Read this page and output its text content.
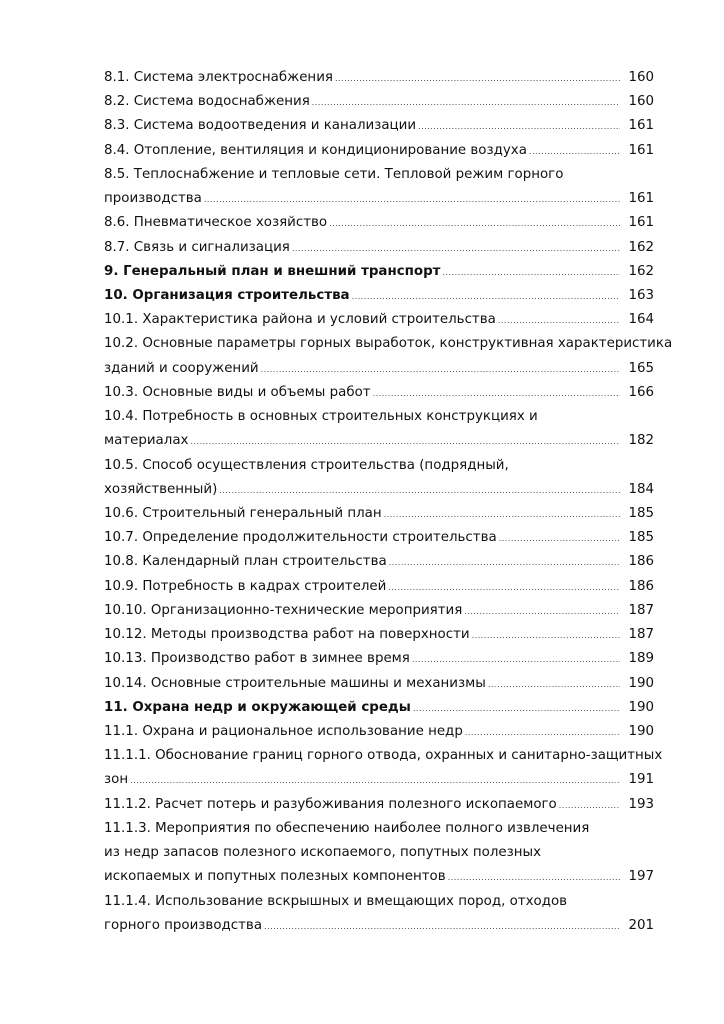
8.1. Система электроснабжения .....	160
8.2. Система водоснабжения .....	160
8.3. Система водоотведения и канализации .....	161
8.4. Отопление, вентиляция и кондиционирование воздуха .....	161
8.5. Теплоснабжение и тепловые сети. Тепловой режим горного
производства .....	161
8.6. Пневматическое хозяйство .....	161
8.7. Связь и сигнализация .....	162
9. Генеральный план и внешний транспорт .....	162
10. Организация строительства .....	163
10.1. Характеристика района и условий строительства .....	164
10.2. Основные параметры горных выработок, конструктивная характеристика
зданий и сооружений .....	165
10.3. Основные виды и объемы работ .....	166
10.4. Потребность в основных строительных конструкциях и
материалах .....	182
10.5. Способ осуществления строительства (подрядный,
хозяйственный) .....	184
10.6. Строительный генеральный план .....	185
10.7. Определение продолжительности строительства .....	185
10.8. Календарный план строительства .....	186
10.9. Потребность в кадрах строителей .....	186
10.10. Организационно-технические мероприятия .....	187
10.12. Методы производства работ на поверхности .....	187
10.13. Производство работ в зимнее время .....	189
10.14. Основные строительные машины и механизмы .....	190
11. Охрана недр и окружающей среды .....	190
11.1. Охрана и рациональное использование недр .....	190
11.1.1. Обоснование границ горного отвода, охранных и санитарно-защитных
зон .....	191
11.1.2. Расчет потерь и разубоживания полезного ископаемого .....	193
11.1.3. Мероприятия по обеспечению наиболее полного извлечения
из недр запасов полезного ископаемого, попутных полезных
ископаемых и попутных полезных компонентов .....	197
11.1.4. Использование вскрышных и вмещающих пород, отходов
горного производства .....	201
